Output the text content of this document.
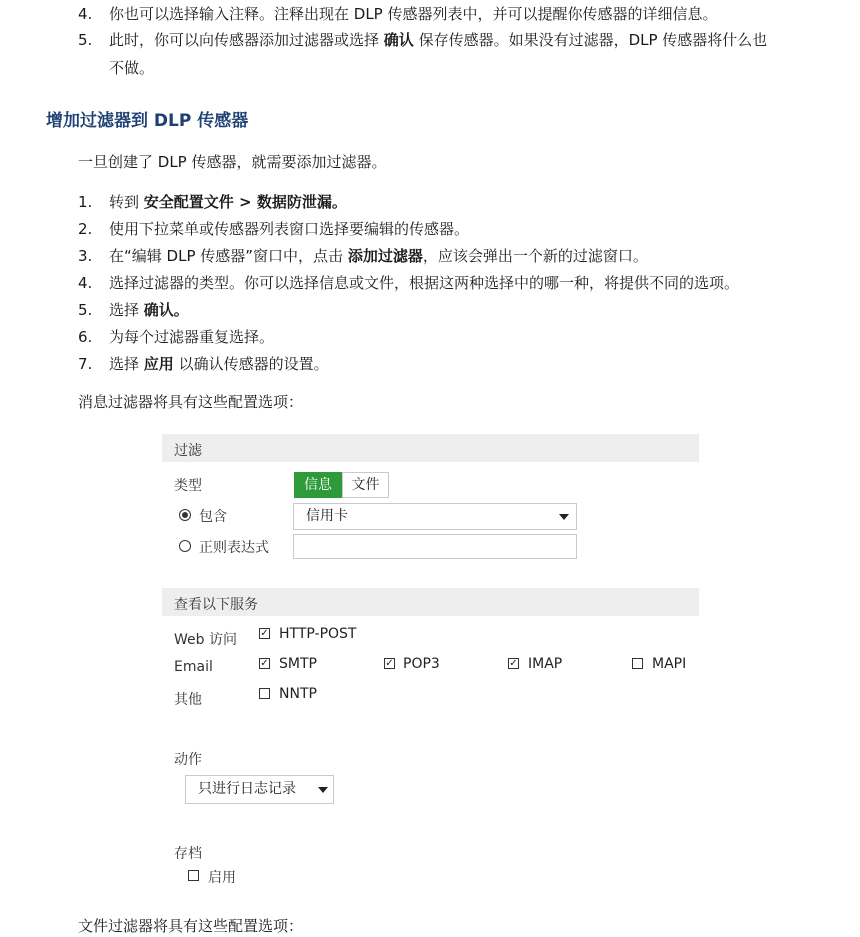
4. 你也可以选择输入注释。注释出现在 DLP 传感器列表中，并可以提醒你传感器的详细信息。
5. 此时，你可以向传感器添加过滤器或选择 确认 保存传感器。如果没有过滤器，DLP 传感器将什么也
不做。
增加过滤器到 DLP 传感器
一旦创建了 DLP 传感器，就需要添加过滤器。
1. 转到 安全配置文件 > 数据防泄漏。
2. 使用下拉菜单或传感器列表窗口选择要编辑的传感器。
3. 在“编辑 DLP 传感器”窗口中，点击 添加过滤器，应该会弹出一个新的过滤窗口。
4. 选择过滤器的类型。你可以选择信息或文件，根据这两种选择中的哪一种，将提供不同的选项。
5. 选择 确认。
6. 为每个过滤器重复选择。
7. 选择 应用 以确认传感器的设置。
消息过滤器将具有这些配置选项：
过滤
类型	信息	文件
包含	信用卡
正则表达式
查看以下服务
Web 访问 ✓ HTTP-POST
Email	✓ SMTP	✓ POP3	✓ IMAP	MAPI
其他	NNTP
动作
只进行日志记录
存档
启用
文件过滤器将具有这些配置选项：
